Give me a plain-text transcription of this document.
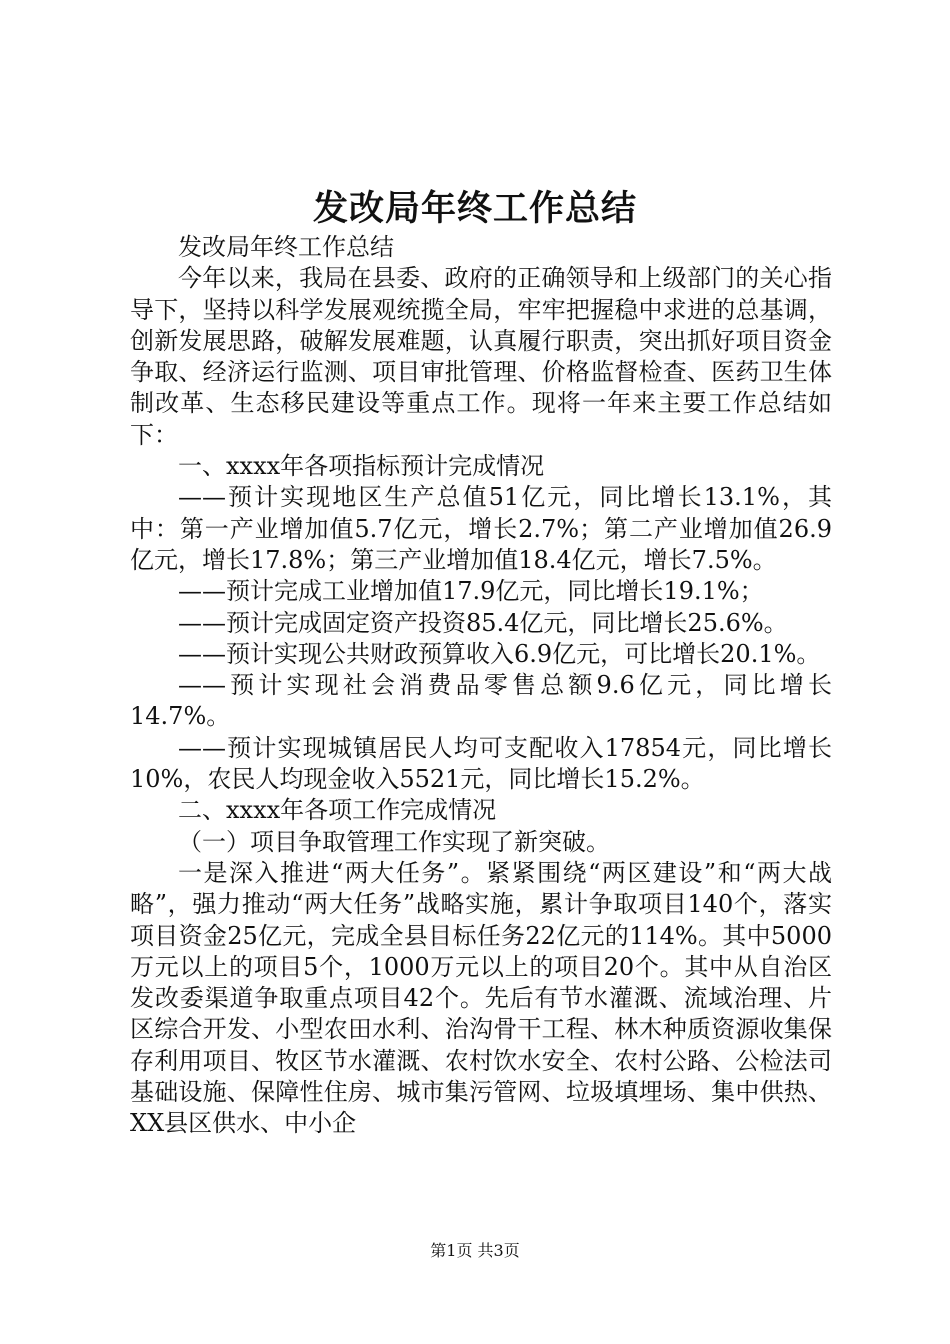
发改局年终工作总结

发改局年终工作总结

今年以来，我局在县委、政府的正确领导和上级部门的关心指导下，坚持以科学发展观统揽全局，牢牢把握稳中求进的总基调，创新发展思路，破解发展难题，认真履行职责，突出抓好项目资金争取、经济运行监测、项目审批管理、价格监督检查、医药卫生体制改革、生态移民建设等重点工作。现将一年来主要工作总结如下：

一、xxxx年各项指标预计完成情况

——预计实现地区生产总值51亿元，同比增长13.1%，其中：第一产业增加值5.7亿元，增长2.7%；第二产业增加值26.9亿元，增长17.8%；第三产业增加值18.4亿元，增长7.5%。

——预计完成工业增加值17.9亿元，同比增长19.1%；

——预计完成固定资产投资85.4亿元，同比增长25.6%。

——预计实现公共财政预算收入6.9亿元，可比增长20.1%。

——预计实现社会消费品零售总额9.6亿元，同比增长14.7%。

——预计实现城镇居民人均可支配收入17854元，同比增长10%，农民人均现金收入5521元，同比增长15.2%。

二、xxxx年各项工作完成情况

（一）项目争取管理工作实现了新突破。

一是深入推进“两大任务”。紧紧围绕“两区建设”和“两大战略”，强力推动“两大任务”战略实施，累计争取项目140个，落实项目资金25亿元，完成全县目标任务22亿元的114%。其中5000万元以上的项目5个，1000万元以上的项目20个。其中从自治区发改委渠道争取重点项目42个。先后有节水灌溉、流域治理、片区综合开发、小型农田水利、治沟骨干工程、林木种质资源收集保存利用项目、牧区节水灌溉、农村饮水安全、农村公路、公检法司基础设施、保障性住房、城市集污管网、垃圾填埋场、集中供热、XX县区供水、中小企

第1页 共3页
